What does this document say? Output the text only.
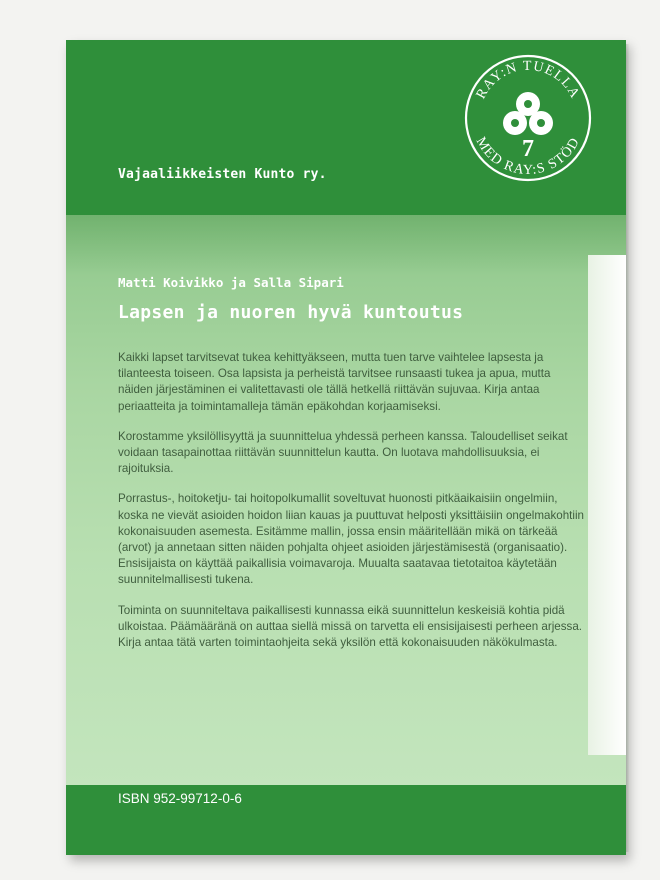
RAY:N TUELLA
MED RAY:S STÖD
7
Vajaaliikkeisten Kunto ry.
Matti Koivikko ja Salla Sipari
Lapsen ja nuoren hyvä kuntoutus

Kaikki lapset tarvitsevat tukea kehittyäkseen, mutta tuen tarve vaihtelee lapsesta ja tilanteesta toiseen. Osa lapsista ja perheistä tarvitsee runsaasti tukea ja apua, mutta näiden järjestäminen ei valitettavasti ole tällä hetkellä riittävän sujuvaa. Kirja antaa periaatteita ja toimintamalleja tämän epäkohdan korjaamiseksi.

Korostamme yksilöllisyyttä ja suunnittelua yhdessä perheen kanssa. Taloudelliset seikat voidaan tasapainottaa riittävän suunnittelun kautta. On luotava mahdollisuuksia, ei rajoituksia.

Porrastus-, hoitoketju- tai hoitopolkumallit soveltuvat huonosti pitkäaikaisiin ongelmiin, koska ne vievät asioiden hoidon liian kauas ja puuttuvat helposti yksittäisiin ongelmakohtiin kokonaisuuden asemesta. Esitämme mallin, jossa ensin määritellään mikä on tärkeää (arvot) ja annetaan sitten näiden pohjalta ohjeet asioiden järjestämisestä (organisaatio). Ensisijaista on käyttää paikallisia voimavaroja. Muualta saatavaa tietotaitoa käytetään suunnitelmallisesti tukena.

Toiminta on suunniteltava paikallisesti kunnassa eikä suunnittelun keskeisiä kohtia pidä ulkoistaa. Päämääränä on auttaa siellä missä on tarvetta eli ensisijaisesti perheen arjessa. Kirja antaa tätä varten toimintaohjeita sekä yksilön että kokonaisuuden näkökulmasta.

ISBN 952-99712-0-6
